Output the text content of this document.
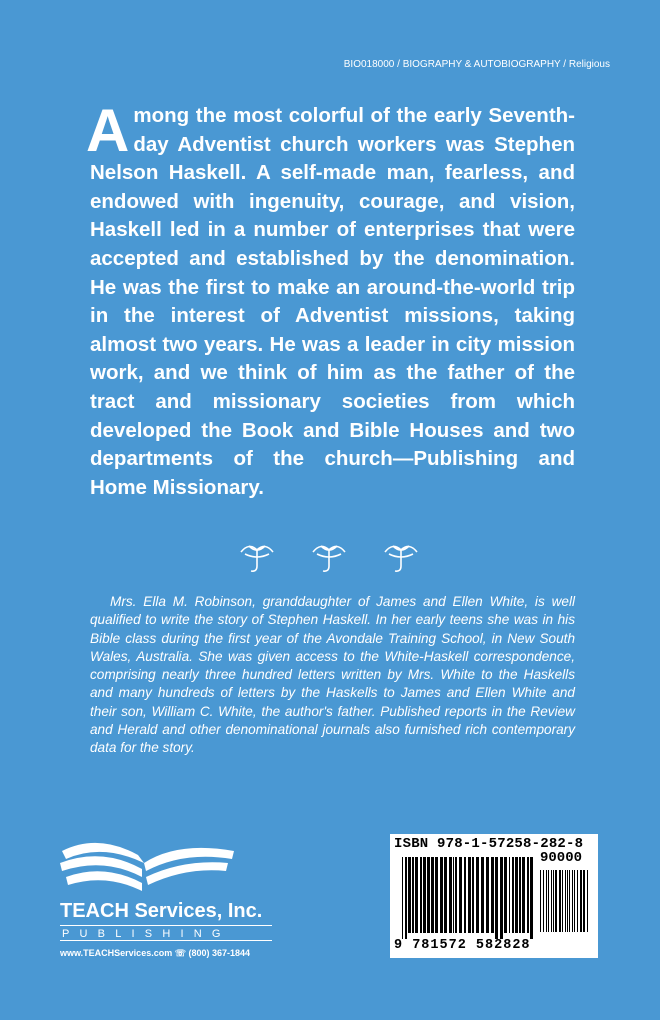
BIO018000 / BIOGRAPHY & AUTOBIOGRAPHY / Religious

Among the most colorful of the early Seventh-day Adventist church workers was Stephen Nelson Haskell. A self-made man, fearless, and endowed with ingenuity, courage, and vision, Haskell led in a number of enterprises that were accepted and established by the denomination. He was the first to make an around-the-world trip in the interest of Adventist missions, taking almost two years. He was a leader in city mission work, and we think of him as the father of the tract and missionary societies from which developed the Book and Bible Houses and two departments of the church—Publishing and Home Missionary.

Mrs. Ella M. Robinson, granddaughter of James and Ellen White, is well qualified to write the story of Stephen Haskell. In her early teens she was in his Bible class during the first year of the Avondale Training School, in New South Wales, Australia. She was given access to the White-Haskell correspondence, comprising nearly three hundred letters written by Mrs. White to the Haskells and many hundreds of letters by the Haskells to James and Ellen White and their son, William C. White, the author's father. Published reports in the Review and Herald and other denominational journals also furnished rich contemporary data for the story.

TEACH Services, Inc.
PUBLISHING
www.TEACHServices.com ☏ (800) 367-1844
ISBN 978-1-57258-282-8
90000
9 781572 582828
